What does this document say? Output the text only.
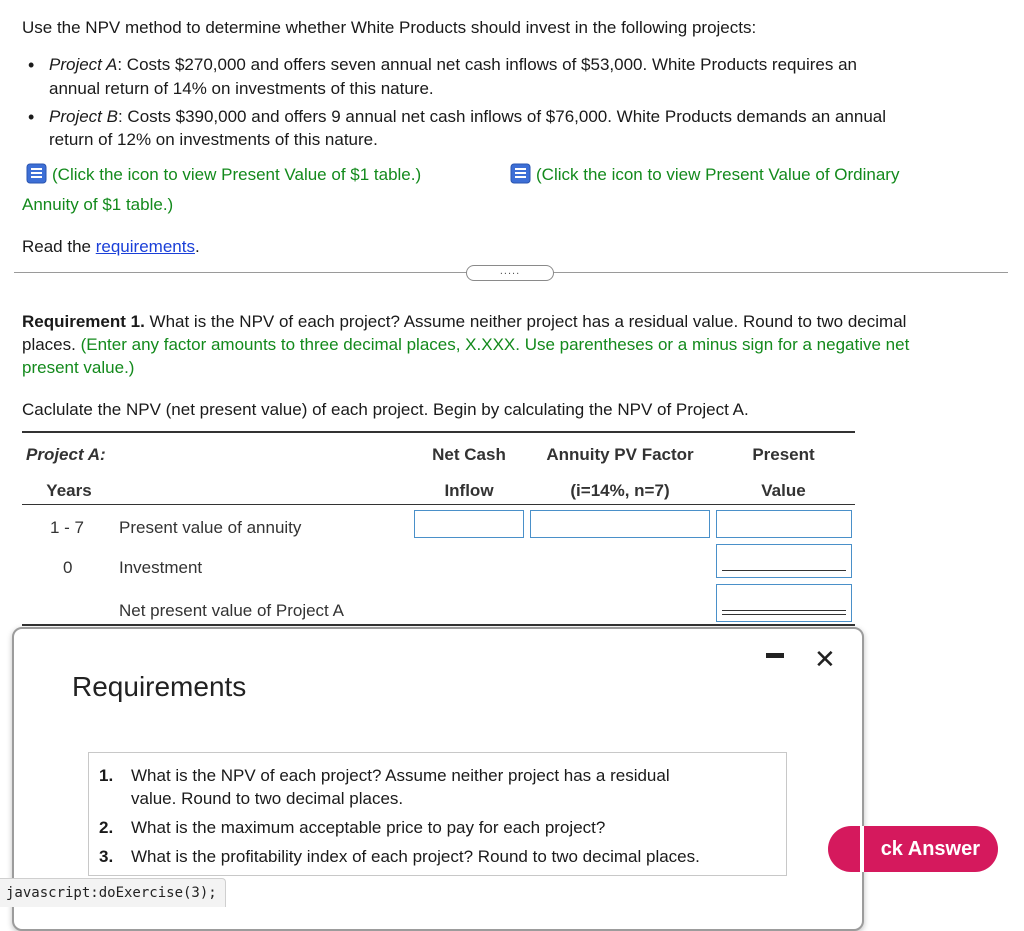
Use the NPV method to determine whether White Products should invest in the following projects:
• Project A: Costs $270,000 and offers seven annual net cash inflows of $53,000. White Products requires an
annual return of 14% on investments of this nature.
• Project B: Costs $390,000 and offers 9 annual net cash inflows of $76,000. White Products demands an annual
return of 12% on investments of this nature.
(Click the icon to view Present Value of $1 table.)	(Click the icon to view Present Value of Ordinary
Annuity of $1 table.)
Read the requirements.
.....
Requirement 1. What is the NPV of each project? Assume neither project has a residual value. Round to two decimal
places. (Enter any factor amounts to three decimal places, X.XXX. Use parentheses or a minus sign for a negative net
present value.)
Caclulate the NPV (net present value) of each project. Begin by calculating the NPV of Project A.
Project A:	Net Cash	Annuity PV Factor	Present
Years	Inflow	(i=14%, n=7)	Value
1 - 7 Present value of annuity
0	Investment
Net present value of Project A
Requirements
✕
1. What is the NPV of each project? Assume neither project has a residual
value. Round to two decimal places.
2. What is the maximum acceptable price to pay for each project?
3. What is the profitability index of each project? Round to two decimal places.	ck Answer
javascript:doExercise(3);
